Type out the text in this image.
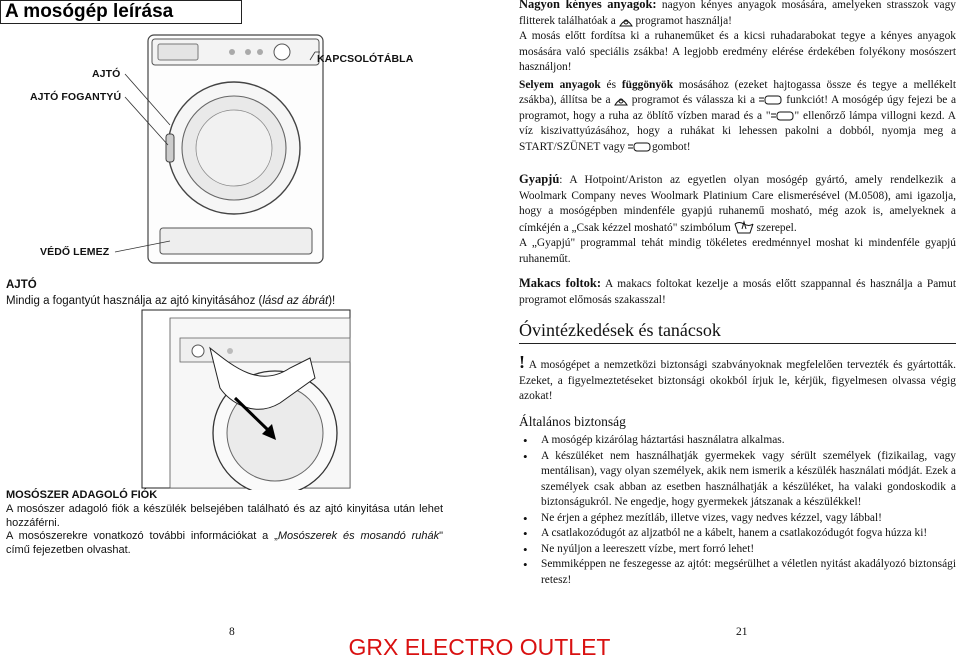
A mosógép leírása
AJTÓ
AJTÓ FOGANTYÚ
KAPCSOLÓTÁBLA
VÉDŐ LEMEZ

AJTÓ

Mindig a fogantyút használja az ajtó kinyitásához (lásd az ábrát)!

MOSÓSZER ADAGOLÓ FIÓK

A mosószer adagoló fiók a készülék belsejében található és az ajtó kinyitása után lehet hozzáférni.

A mosószerekre vonatkozó további információkat a „Mosószerek és mosandó ruhák" című fejezetben olvashat.

8

Nagyon kényes anyagok: nagyon kényes anyagok mosására, amelyeken strasszok vagy flitterek találhatóak a  programot használja!

A mosás előtt fordítsa ki a ruhaneműket és a kicsi ruhadarabokat tegye a kényes anyagok mosására való speciális zsákba! A legjobb eredmény elérése érdekében folyékony mosószert használjon!

Selyem anyagok és függönyök mosásához (ezeket hajtogassa össze és tegye a mellékelt zsákba), állítsa be a  programot és válassza ki a  funkciót! A mosógép úgy fejezi be a programot, hogy a ruha az öblítő vízben marad és a " " ellenőrző lámpa villogni kezd. A víz kiszivattyúzásához, hogy a ruhákat ki lehessen pakolni a dobból, nyomja meg a START/SZÜNET vagy gombot!

Gyapjú: A Hotpoint/Ariston az egyetlen olyan mosógép gyártó, amely rendelkezik a Woolmark Company neves Woolmark Platinium Care elismerésével (M.0508), ami igazolja, hogy a mosógépben mindenféle gyapjú ruhanemű mosható, még azok is, amelyeknek a címkéjén a „Csak kézzel mosható" szimbólum  szerepel.

A „Gyapjú" programmal tehát mindig tökéletes eredménnyel moshat ki mindenféle gyapjú ruhaneműt.

Makacs foltok: A makacs foltokat kezelje a mosás előtt szappannal és használja a Pamut programot előmosás szakasszal!

Óvintézkedések és tanácsok

! A mosógépet a nemzetközi biztonsági szabványoknak megfelelően tervezték és gyártották. Ezeket, a figyelmeztetéseket biztonsági okokból írjuk le, kérjük, figyelmesen olvassa végig azokat!

Általános biztonság
• A mosógép kizárólag háztartási használatra alkalmas.
• A készüléket nem használhatják gyermekek vagy sérült személyek (fizikailag, vagy mentálisan), vagy olyan személyek, akik nem ismerik a készülék használati módját. Ezek a személyek csak abban az esetben használhatják a készüléket, ha valaki gondoskodik a biztonságukról. Ne engedje, hogy gyermekek játszanak a készülékkel!
• Ne érjen a géphez mezítláb, illetve vizes, vagy nedves kézzel, vagy lábbal!
• A csatlakozódugót az aljzatból ne a kábelt, hanem a csatlakozódugót fogva húzza ki!
• Ne nyúljon a leereszett vízbe, mert forró lehet!
• Semmiképpen ne feszegesse az ajtót: megsérülhet a véletlen nyitást akadályozó biztonsági retesz!
21
GRX ELECTRO OUTLET
